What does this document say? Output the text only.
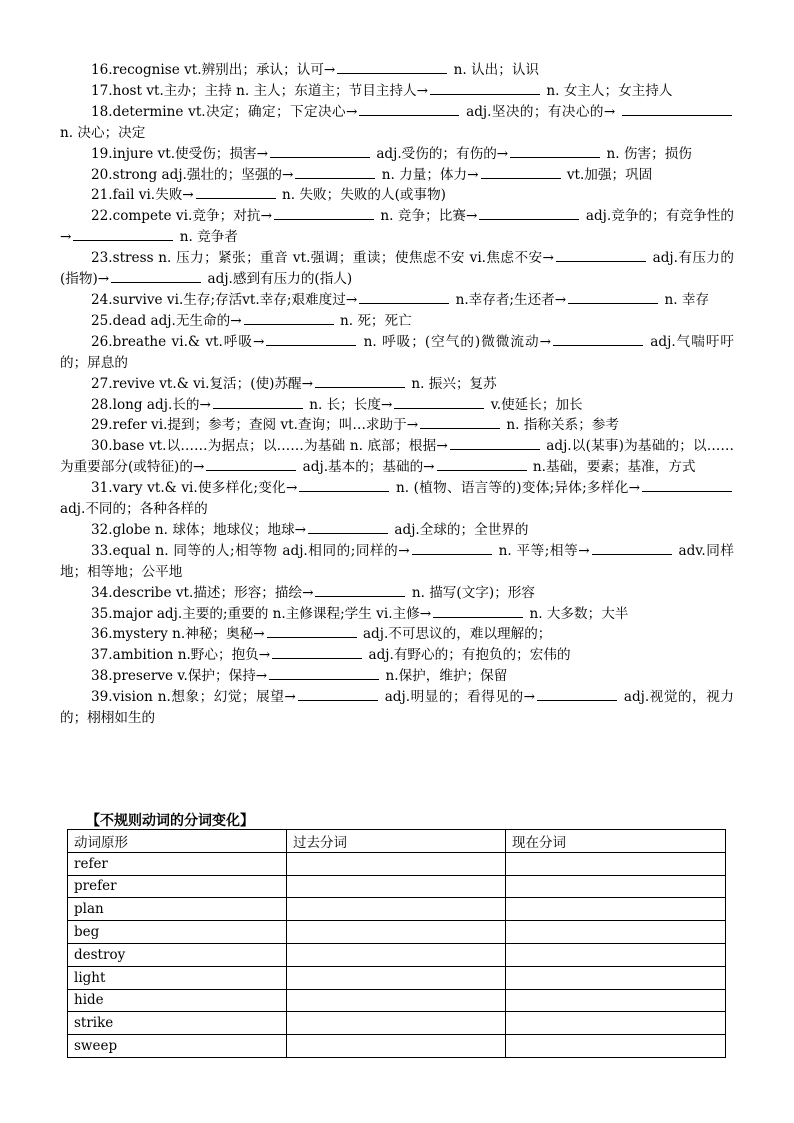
16.recognise vt.辨别出；承认；认可→	n. 认出；认识
17.host vt.主办；主持 n. 主人；东道主；节目主持人→	n. 女主人；女主持人
18.determine vt.决定；确定；下定决心→	adj.坚决的；有决心的→  n. 决心；决定
19.injure vt.使受伤；损害→	adj.受伤的；有伤的→	n. 伤害；损伤
20.strong adj.强壮的；坚强的→	n. 力量；体力→	vt.加强；巩固
21.fail vi.失败→	n. 失败；失败的人(或事物)
22.compete vi.竞争；对抗→	n. 竞争；比赛→	adj.竞争的；有竞争性的→	n. 竞争者
23.stress n. 压力；紧张；重音 vt.强调；重读；使焦虑不安 vi.焦虑不安→	adj.有压力的(指物)→	adj.感到有压力的(指人)
24.survive vi.生存;存活vt.幸存;艰难度过→	n.幸存者;生还者→	n. 幸存
25.dead adj.无生命的→	n. 死；死亡
26.breathe vi.& vt.呼吸→	n. 呼吸；(空气的)微微流动→	adj.气喘吁吁的；屏息的
27.revive vt.& vi.复活；(使)苏醒→	n. 振兴；复苏
28.long adj.长的→	n. 长；长度→	v.使延长；加长
29.refer vi.提到；参考；查阅 vt.查询；叫…求助于→	n. 指称关系；参考
30.base vt.以……为据点；以……为基础 n. 底部；根据→	adj.以(某事)为基础的；以……为重要部分(或特征)的→	adj.基本的；基础的→	n.基础，要素；基准，方式
31.vary vt.& vi.使多样化;变化→	n. (植物、语言等的)变体;异体;多样化→ adj.不同的；各种各样的
32.globe n. 球体；地球仪；地球→	adj.全球的；全世界的
33.equal n. 同等的人;相等物 adj.相同的;同样的→	n. 平等;相等→	adv.同样地；相等地；公平地
34.describe vt.描述；形容；描绘→	n. 描写(文字)；形容
35.major adj.主要的;重要的 n.主修课程;学生 vi.主修→	n. 大多数；大半
36.mystery n.神秘；奥秘→	adj.不可思议的，难以理解的；
37.ambition n.野心；抱负→	adj.有野心的；有抱负的；宏伟的
38.preserve v.保护；保持→	n.保护，维护；保留
39.vision n.想象；幻觉；展望→	adj.明显的；看得见的→	adj.视觉的，视力的；栩栩如生的
【不规则动词的分词变化】
动词原形	过去分词	现在分词
refer		
prefer		
plan		
beg		
destroy		
light		
hide		
strike		
sweep		
